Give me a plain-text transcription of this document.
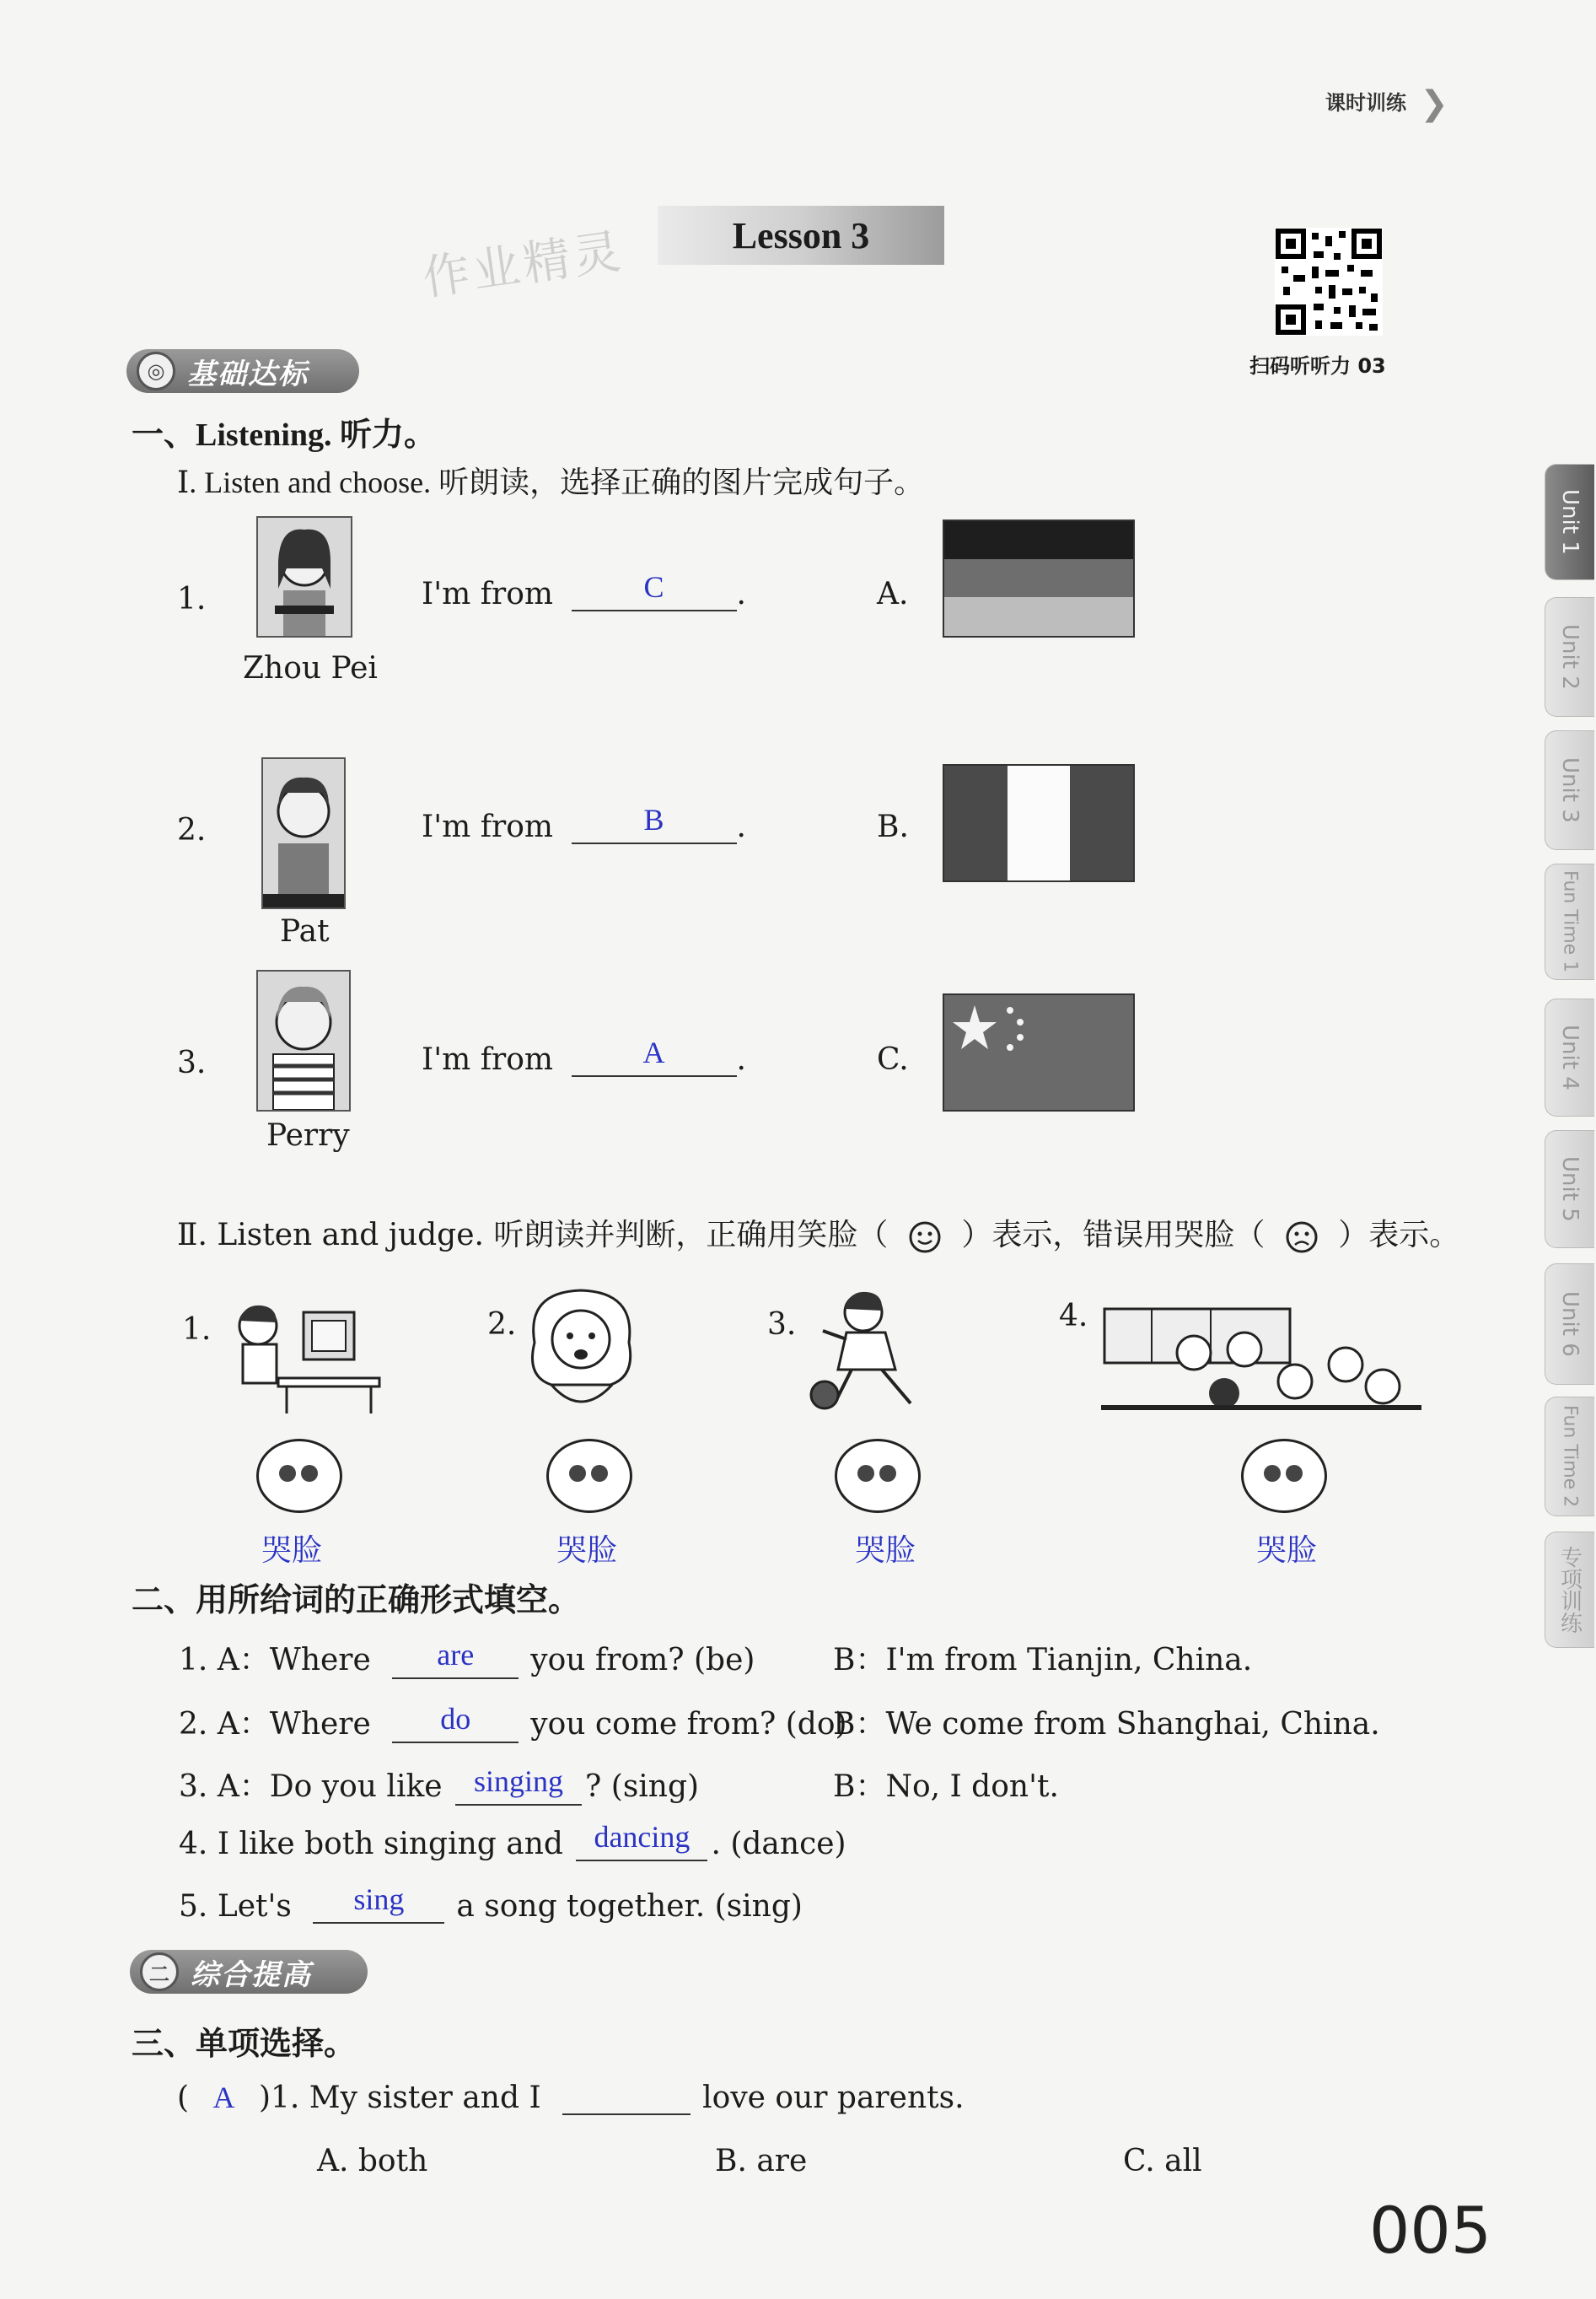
课时训练 ❯
作业精灵	Lesson 3
扫码听听力 03
◎ 基础达标
一、Listening. 听力。
Ⅰ. Listen and choose. 听朗读，选择正确的图片完成句子。
1.
Zhou Pei
I'm from	C	.	A.
2.
Pat
I'm from	B	.	B.
3.
Perry
I'm from	A	.	C.
Ⅱ. Listen and judge. 听朗读并判断，正确用笑脸（ ）表示，错误用哭脸（ ）表示。
1.	2.	3.	4.
哭脸	哭脸	哭脸	哭脸
二、用所给词的正确形式填空。
1. A：Where	are	you from? (be)	B：I'm from Tianjin, China.
2. A：Where	do	you come from? (do)
B：We come from Shanghai, China.
3. A：Do you like	singing ? (sing)	B：No, I don't.
4. I like both singing and	dancing . (dance)
5. Let's	sing	a song together. (sing)
二 综合提高
三、单项选择。
( A )1. My sister and I	love our parents.
A. both	B. are	C. all
005
Unit 1
Unit 2
Unit 3
Fun Time 1
Unit 4
Unit 5
Unit 6
Fun Time 2
专项训练
